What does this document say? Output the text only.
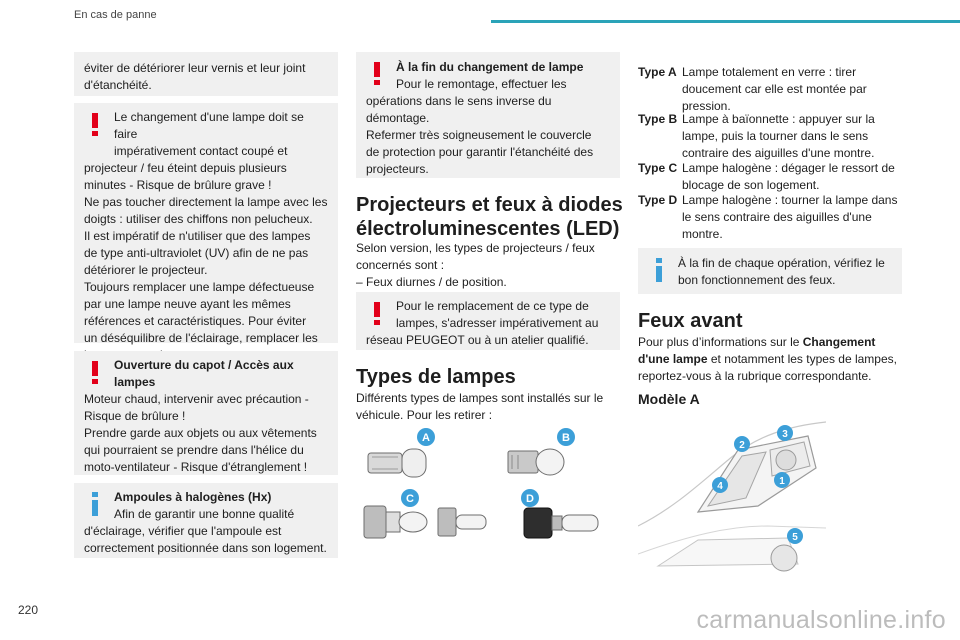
En cas de panne

éviter de détériorer leur vernis et leur joint

d'étanchéité.

Le changement d'une lampe doit se faire

impérativement contact coupé et

projecteur / feu éteint depuis plusieurs

minutes - Risque de brûlure grave !

Ne pas toucher directement la lampe avec les

doigts : utiliser des chiffons non pelucheux.

Il est impératif de n'utiliser que des lampes

de type anti-ultraviolet (UV) afin de ne pas

détériorer le projecteur.

Toujours remplacer une lampe défectueuse

par une lampe neuve ayant les mêmes

références et caractéristiques. Pour éviter

un déséquilibre de l'éclairage, remplacer les

Ouverture du capot / Accès aux

lampes

Moteur chaud, intervenir avec précaution -

Risque de brûlure !

Prendre garde aux objets ou aux vêtements

qui pourraient se prendre dans l'hélice du

moto-ventilateur - Risque d'étranglement !

Ampoules à halogènes (Hx)

Afin de garantir une bonne qualité

d'éclairage, vérifier que l'ampoule est

correctement positionnée dans son logement.

À la fin du changement de lampe

Pour le remontage, effectuer les

opérations dans le sens inverse du

démontage.

Refermer très soigneusement le couvercle

de protection pour garantir l'étanchéité des

projecteurs.

Projecteurs et feux à diodes
électroluminescentes (LED)
Selon version, les types de projecteurs / feux
concernés sont :
– Feux diurnes / de position.

Pour le remplacement de ce type de

lampes, s'adresser impérativement au

réseau PEUGEOT ou à un atelier qualifié.

Types de lampes
Différents types de lampes sont installés sur le
véhicule. Pour les retirer :
A	B
C	D
Type A Lampe totalement en verre : tirer
doucement car elle est montée par
pression.
Type B Lampe à baïonnette : appuyer sur la
lampe, puis la tourner dans le sens
contraire des aiguilles d'une montre.
Type C Lampe halogène : dégager le ressort de
blocage de son logement.
Type D Lampe halogène : tourner la lampe dans
le sens contraire des aiguilles d'une
montre.

À la fin de chaque opération, vérifiez le

bon fonctionnement des feux.

Feux avant
Pour plus d’informations sur le Changement
d'une lampe et notamment les types de lampes,
reportez-vous à la rubrique correspondante.
Modèle A
2
3
4	1
5
220	carmanualsonline.info
